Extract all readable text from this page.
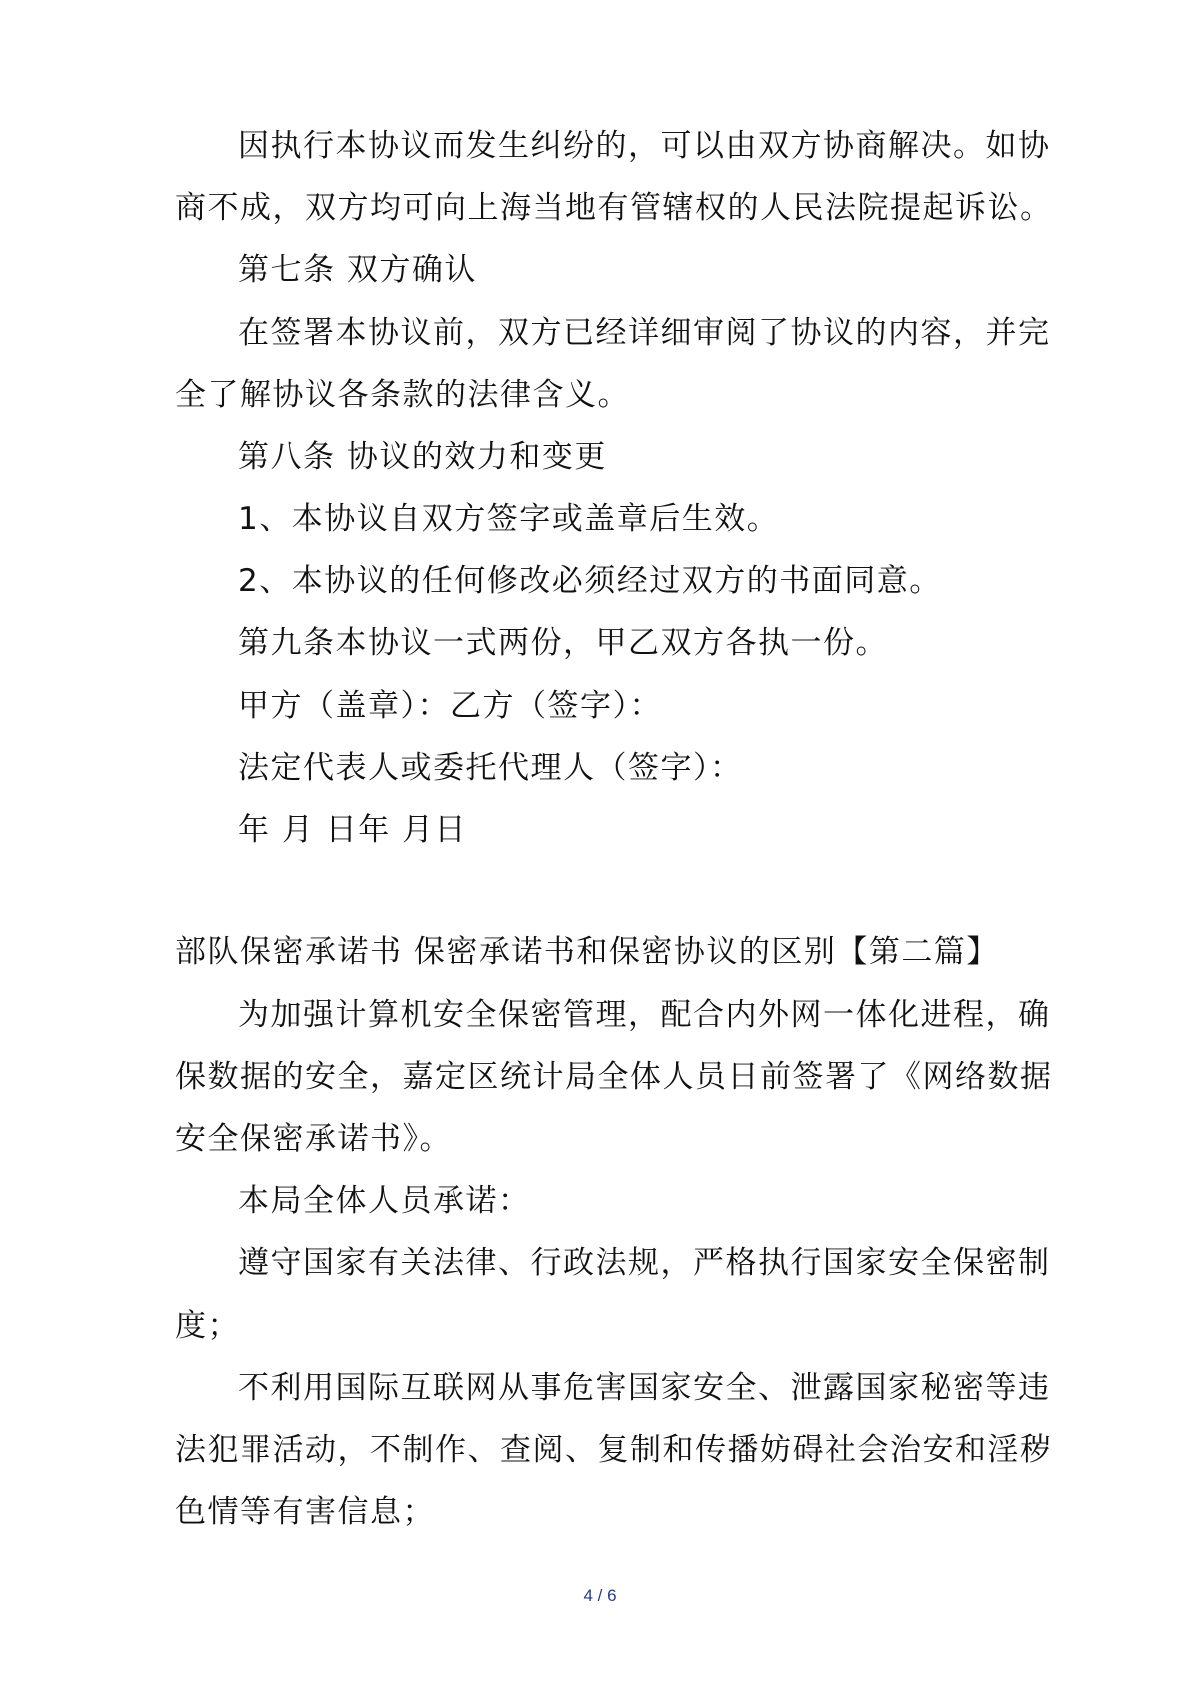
因执行本协议而发生纠纷的，可以由双方协商解决。如协
商不成，双方均可向上海当地有管辖权的人民法院提起诉讼。
第七条 双方确认
在签署本协议前，双方已经详细审阅了协议的内容，并完
全了解协议各条款的法律含义。
第八条 协议的效力和变更
1、本协议自双方签字或盖章后生效。
2、本协议的任何修改必须经过双方的书面同意。
第九条本协议一式两份，甲乙双方各执一份。
甲方（盖章）：乙方（签字）：
法定代表人或委托代理人（签字）：
年 月 日年 月日
部队保密承诺书 保密承诺书和保密协议的区别【第二篇】
为加强计算机安全保密管理，配合内外网一体化进程，确
保数据的安全，嘉定区统计局全体人员日前签署了《网络数据
安全保密承诺书》。
本局全体人员承诺：
遵守国家有关法律、行政法规，严格执行国家安全保密制
度；
不利用国际互联网从事危害国家安全、泄露国家秘密等违
法犯罪活动，不制作、查阅、复制和传播妨碍社会治安和淫秽
色情等有害信息；
4 / 6
